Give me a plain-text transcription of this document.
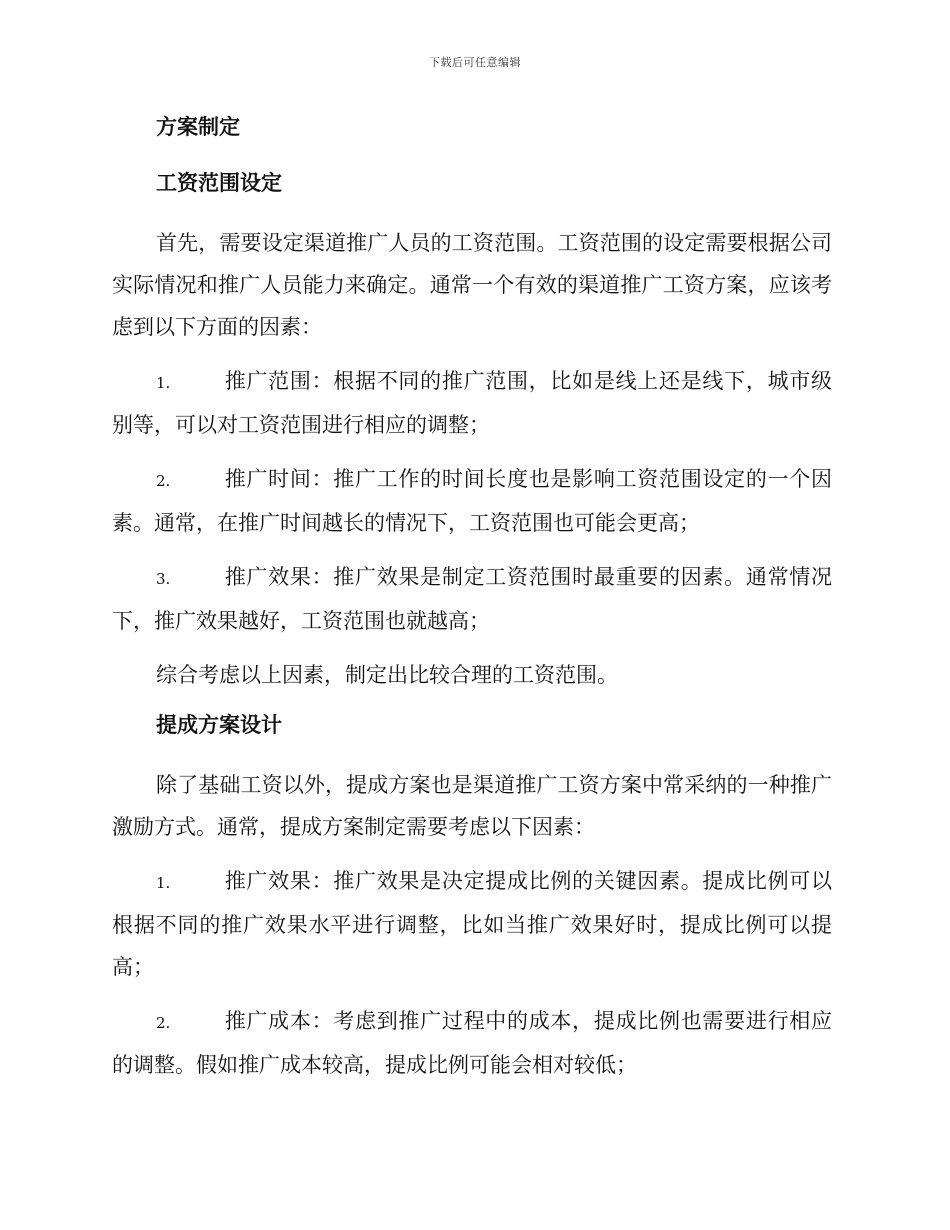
下载后可任意编辑
方案制定
工资范围设定

首先，需要设定渠道推广人员的工资范围。工资范围的设定需要根据公司实际情况和推广人员能力来确定。通常一个有效的渠道推广工资方案，应该考虑到以下方面的因素：

1.	推广范围：根据不同的推广范围，比如是线上还是线下，城市级别等，可以对工资范围进行相应的调整；

2.	推广时间：推广工作的时间长度也是影响工资范围设定的一个因素。通常，在推广时间越长的情况下，工资范围也可能会更高；

3.	推广效果：推广效果是制定工资范围时最重要的因素。通常情况下，推广效果越好，工资范围也就越高；

综合考虑以上因素，制定出比较合理的工资范围。

提成方案设计

除了基础工资以外，提成方案也是渠道推广工资方案中常采纳的一种推广激励方式。通常，提成方案制定需要考虑以下因素：

1.	推广效果：推广效果是决定提成比例的关键因素。提成比例可以根据不同的推广效果水平进行调整，比如当推广效果好时，提成比例可以提高；

2.	推广成本：考虑到推广过程中的成本，提成比例也需要进行相应的调整。假如推广成本较高，提成比例可能会相对较低；
